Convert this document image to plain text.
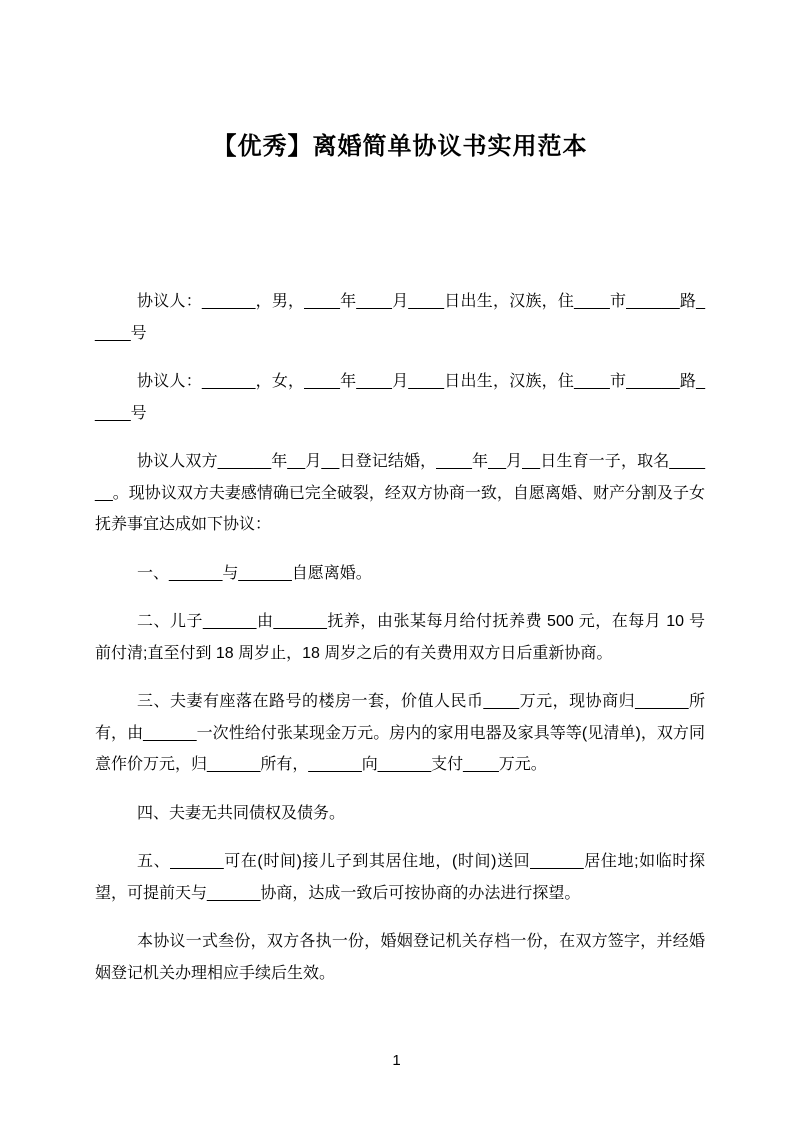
【优秀】离婚简单协议书实用范本

协议人：______，男，____年____月____日出生，汉族，住____市______路_____号

协议人：______，女，____年____月____日出生，汉族，住____市______路_____号

协议人双方______年__月__日登记结婚，____年__月__日生育一子，取名______。现协议双方夫妻感情确已完全破裂，经双方协商一致，自愿离婚、财产分割及子女抚养事宜达成如下协议：

一、______与______自愿离婚。

二、儿子______由______抚养，由张某每月给付抚养费 500 元，在每月 10 号前付清;直至付到 18 周岁止，18 周岁之后的有关费用双方日后重新协商。

三、夫妻有座落在路号的楼房一套，价值人民币____万元，现协商归______所有，由______一次性给付张某现金万元。房内的家用电器及家具等等(见清单)，双方同意作价万元，归______所有，______向______支付____万元。

四、夫妻无共同债权及债务。

五、______可在(时间)接儿子到其居住地，(时间)送回______居住地;如临时探望，可提前天与______协商，达成一致后可按协商的办法进行探望。

本协议一式叁份，双方各执一份，婚姻登记机关存档一份，在双方签字，并经婚姻登记机关办理相应手续后生效。

1
